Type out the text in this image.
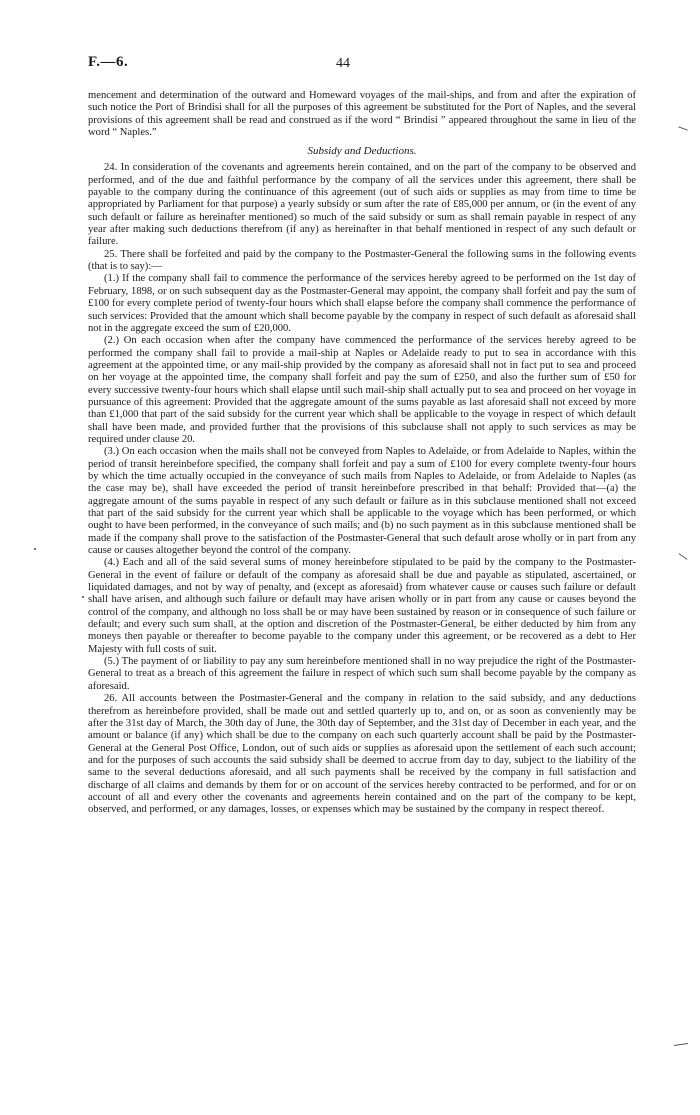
F.—6.	44

mencement and determination of the outward and Homeward voyages of the mail-ships, and from and after the expiration of such notice the Port of Brindisi shall for all the purposes of this agreement be substituted for the Port of Naples, and the several provisions of this agreement shall be read and construed as if the word “ Brindisi ” appeared throughout the same in lieu of the word “ Naples.”

Subsidy and Deductions.

24. In consideration of the covenants and agreements herein contained, and on the part of the company to be observed and performed, and of the due and faithful performance by the company of all the services under this agreement, there shall be payable to the company during the continuance of this agreement (out of such aids or supplies as may from time to time be appropriated by Parliament for that purpose) a yearly subsidy or sum after the rate of £85,000 per annum, or (in the event of any such default or failure as hereinafter mentioned) so much of the said subsidy or sum as shall remain payable in respect of any year after making such deductions therefrom (if any) as hereinafter in that behalf mentioned in respect of any such default or failure.

25. There shall be forfeited and paid by the company to the Postmaster-General the following sums in the following events (that is to say):—

(1.) If the company shall fail to commence the performance of the services hereby agreed to be performed on the 1st day of February, 1898, or on such subsequent day as the Postmaster-General may appoint, the company shall forfeit and pay the sum of £100 for every complete period of twenty-four hours which shall elapse before the company shall commence the performance of such services: Provided that the amount which shall become payable by the company in respect of such default as aforesaid shall not in the aggregate exceed the sum of £20,000.

(2.) On each occasion when after the company have commenced the performance of the services hereby agreed to be performed the company shall fail to provide a mail-ship at Naples or Adelaide ready to put to sea in accordance with this agreement at the appointed time, or any mail-ship provided by the company as aforesaid shall not in fact put to sea and proceed on her voyage at the appointed time, the company shall forfeit and pay the sum of £250, and also the further sum of £50 for every successive twenty-four hours which shall elapse until such mail-ship shall actually put to sea and proceed on her voyage in pursuance of this agreement: Provided that the aggregate amount of the sums payable as last aforesaid shall not exceed by more than £1,000 that part of the said subsidy for the current year which shall be applicable to the voyage in respect of which default shall have been made, and provided further that the provisions of this subclause shall not apply to such services as may be required under clause 20.

(3.) On each occasion when the mails shall not be conveyed from Naples to Adelaide, or from Adelaide to Naples, within the period of transit hereinbefore specified, the company shall forfeit and pay a sum of £100 for every complete twenty-four hours by which the time actually occupied in the conveyance of such mails from Naples to Adelaide, or from Adelaide to Naples (as the case may be), shall have exceeded the period of transit hereinbefore prescribed in that behalf: Provided that—(a) the aggregate amount of the sums payable in respect of any such default or failure as in this subclause mentioned shall not exceed that part of the said subsidy for the current year which shall be applicable to the voyage which has been performed, or which ought to have been performed, in the conveyance of such mails; and (b) no such payment as in this subclause mentioned shall be made if the company shall prove to the satisfaction of the Postmaster-General that such default arose wholly or in part from any cause or causes altogether beyond the control of the company.

(4.) Each and all of the said several sums of money hereinbefore stipulated to be paid by the company to the Postmaster-General in the event of failure or default of the company as aforesaid shall be due and payable as stipulated, ascertained, or liquidated damages, and not by way of penalty, and (except as aforesaid) from whatever cause or causes such failure or default shall have arisen, and although such failure or default may have arisen wholly or in part from any cause or causes beyond the control of the company, and although no loss shall be or may have been sustained by reason or in consequence of such failure or default; and every such sum shall, at the option and discretion of the Postmaster-General, be either deducted by him from any moneys then payable or thereafter to become payable to the company under this agreement, or be recovered as a debt to Her Majesty with full costs of suit.

(5.) The payment of or liability to pay any sum hereinbefore mentioned shall in no way prejudice the right of the Postmaster-General to treat as a breach of this agreement the failure in respect of which such sum shall become payable by the company as aforesaid.

26. All accounts between the Postmaster-General and the company in relation to the said subsidy, and any deductions therefrom as hereinbefore provided, shall be made out and settled quarterly up to, and on, or as soon as conveniently may be after the 31st day of March, the 30th day of June, the 30th day of September, and the 31st day of December in each year, and the amount or balance (if any) which shall be due to the company on each such quarterly account shall be paid by the Postmaster-General at the General Post Office, London, out of such aids or supplies as aforesaid upon the settlement of each such account; and for the purposes of such accounts the said subsidy shall be deemed to accrue from day to day, subject to the liability of the same to the several deductions aforesaid, and all such payments shall be received by the company in full satisfaction and discharge of all claims and demands by them for or on account of the services hereby contracted to be performed, and for or on account of all and every other the covenants and agreements herein contained and on the part of the company to be kept, observed, and performed, or any damages, losses, or expenses which may be sustained by the company in respect thereof.
